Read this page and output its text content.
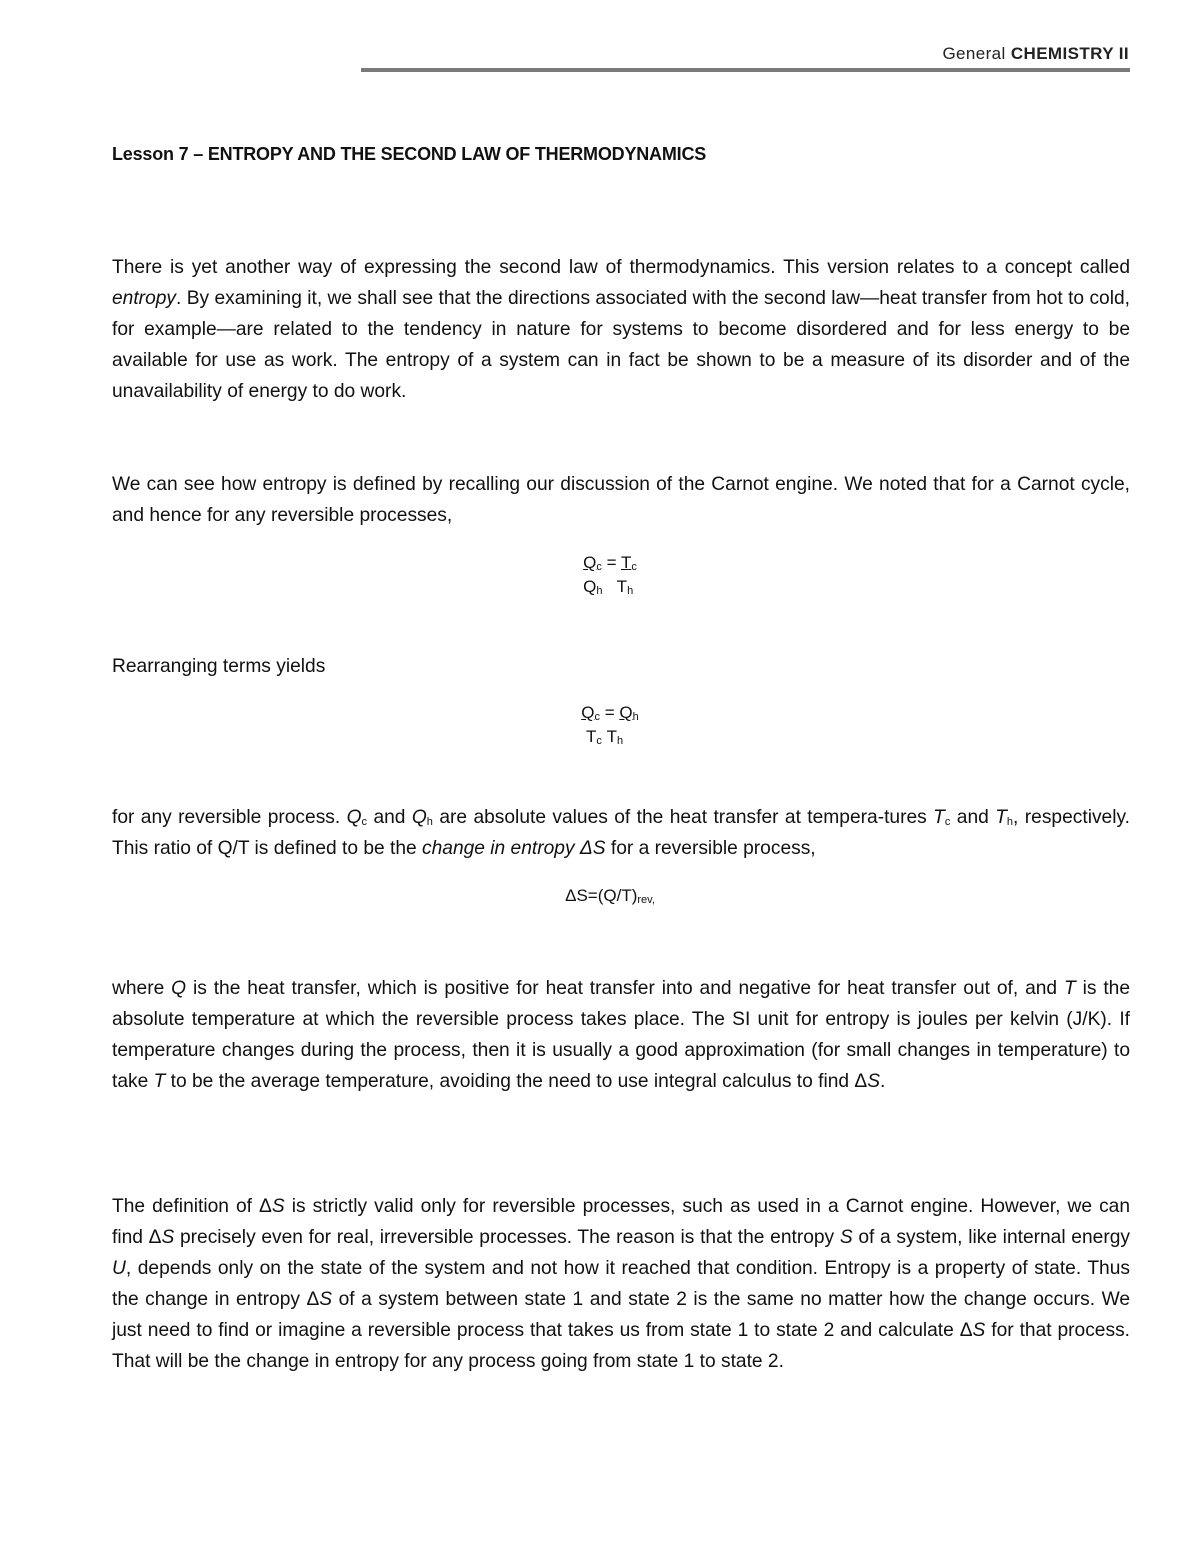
General CHEMISTRY II
Lesson 7 – ENTROPY AND THE SECOND LAW OF THERMODYNAMICS

There is yet another way of expressing the second law of thermodynamics. This version relates to a concept called entropy. By examining it, we shall see that the directions associated with the second law—heat transfer from hot to cold, for example—are related to the tendency in nature for systems to become disordered and for less energy to be available for use as work. The entropy of a system can in fact be shown to be a measure of its disorder and of the unavailability of energy to do work.

We can see how entropy is defined by recalling our discussion of the Carnot engine. We noted that for a Carnot cycle, and hence for any reversible processes,

$Q_c = T_c$
$Q_h$ $T_h$

Rearranging terms yields

$Q_c = Q_h$
$T_c$ $T_h$

for any reversible process. $Q_c$ and $Q_h$ are absolute values of the heat transfer at tempera-tures $T_c$ and $T_h$, respectively. This ratio of Q/T is defined to be the change in entropy ΔS for a reversible process,

$\Delta S=(Q/T)_{rev,}$

where Q is the heat transfer, which is positive for heat transfer into and negative for heat transfer out of, and T is the absolute temperature at which the reversible process takes place. The SI unit for entropy is joules per kelvin (J/K). If temperature changes during the process, then it is usually a good approximation (for small changes in temperature) to take T to be the average temperature, avoiding the need to use integral calculus to find ΔS.

The definition of ΔS is strictly valid only for reversible processes, such as used in a Carnot engine. However, we can find ΔS precisely even for real, irreversible processes. The reason is that the entropy S of a system, like internal energy U, depends only on the state of the system and not how it reached that condition. Entropy is a property of state. Thus the change in entropy ΔS of a system between state 1 and state 2 is the same no matter how the change occurs. We just need to find or imagine a reversible process that takes us from state 1 to state 2 and calculate ΔS for that process. That will be the change in entropy for any process going from state 1 to state 2.
